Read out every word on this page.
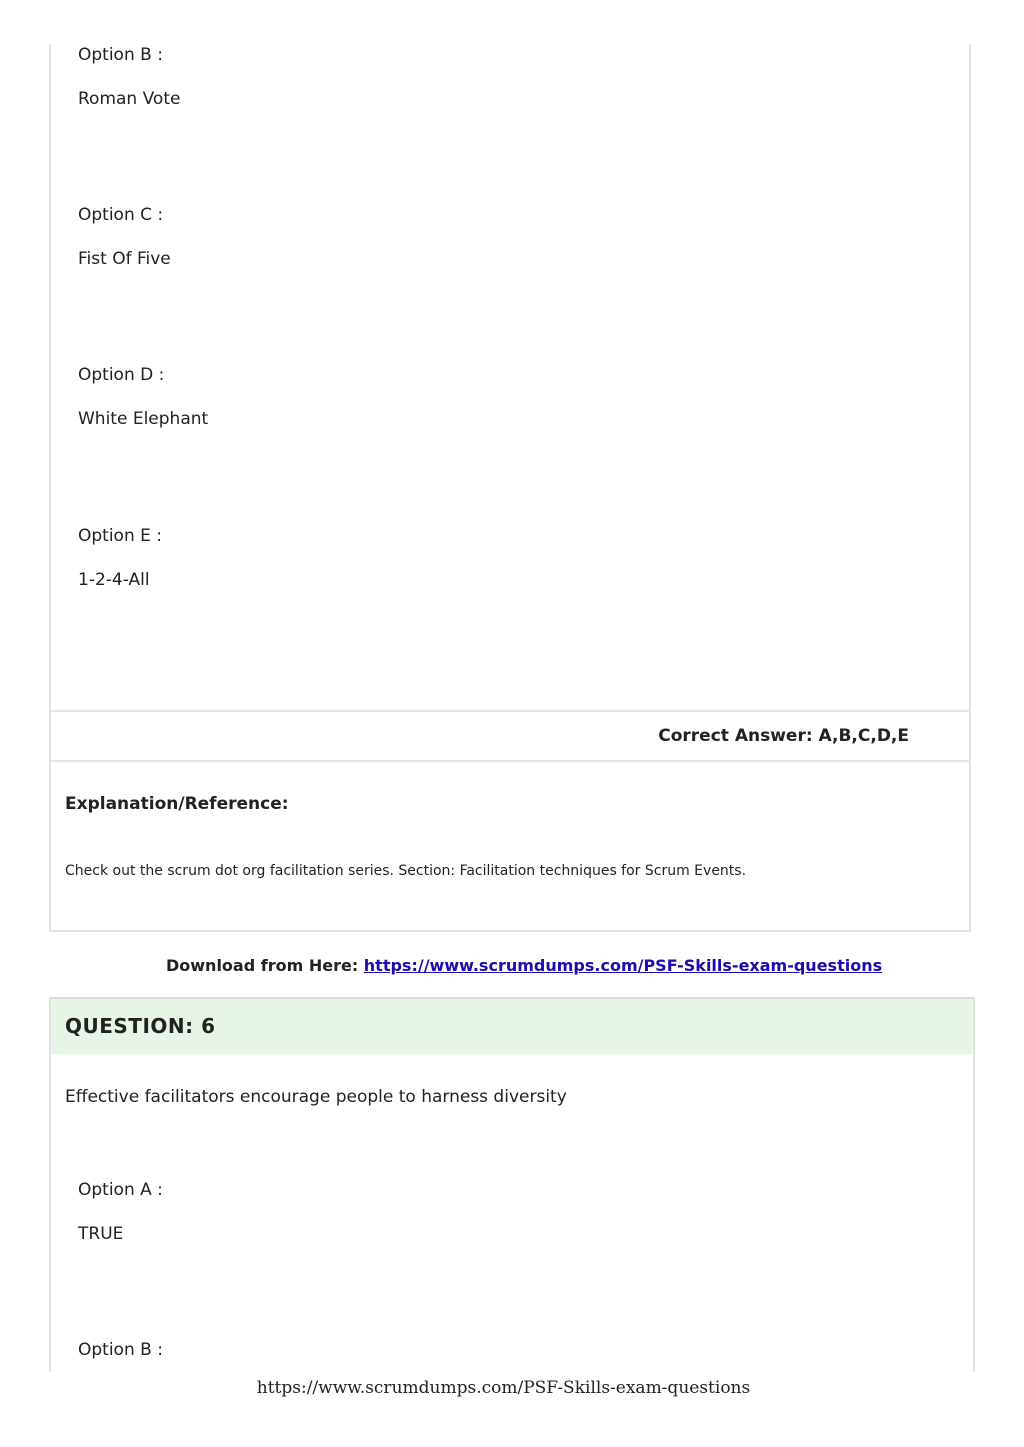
Option B :
Roman Vote
Option C :
Fist Of Five
Option D :
White Elephant
Option E :
1-2-4-All
Correct Answer: A,B,C,D,E
Explanation/Reference:
Check out the scrum dot org facilitation series. Section: Facilitation techniques for Scrum Events.
Download from Here: https://www.scrumdumps.com/PSF-Skills-exam-questions
QUESTION: 6
Effective facilitators encourage people to harness diversity
Option A :
TRUE
Option B :
https://www.scrumdumps.com/PSF-Skills-exam-questions
